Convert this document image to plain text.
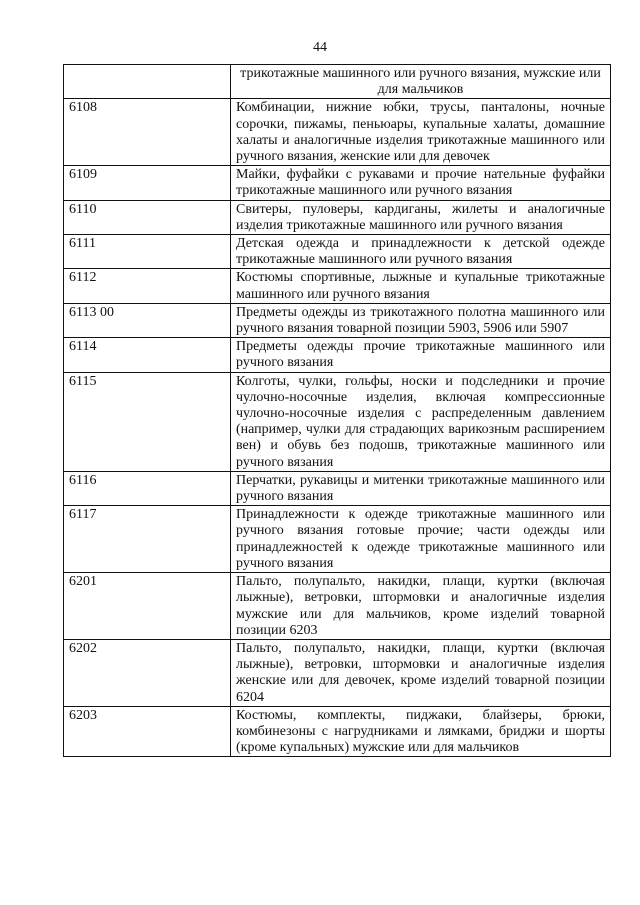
44
	трикотажные машинного или ручного вязания, мужские или для мальчиков
6108	Комбинации, нижние юбки, трусы, панталоны, ночные сорочки, пижамы, пеньюары, купальные халаты, домашние халаты и аналогичные изделия трикотажные машинного или ручного вязания, женские или для девочек
6109	Майки, фуфайки с рукавами и прочие нательные фуфайки трикотажные машинного или ручного вязания
6110	Свитеры, пуловеры, кардиганы, жилеты и аналогичные изделия трикотажные машинного или ручного вязания
6111	Детская одежда и принадлежности к детской одежде трикотажные машинного или ручного вязания
6112	Костюмы спортивные, лыжные и купальные трикотажные машинного или ручного вязания
6113 00	Предметы одежды из трикотажного полотна машинного или ручного вязания товарной позиции 5903, 5906 или 5907
6114	Предметы одежды прочие трикотажные машинного или ручного вязания
6115	Колготы, чулки, гольфы, носки и подследники и прочие чулочно-носочные изделия, включая компрессионные чулочно-носочные изделия с распределенным давлением (например, чулки для страдающих варикозным расширением вен) и обувь без подошв, трикотажные машинного или ручного вязания
6116	Перчатки, рукавицы и митенки трикотажные машинного или ручного вязания
6117	Принадлежности к одежде трикотажные машинного или ручного вязания готовые прочие; части одежды или принадлежностей к одежде трикотажные машинного или ручного вязания
6201	Пальто, полупальто, накидки, плащи, куртки (включая лыжные), ветровки, штормовки и аналогичные изделия мужские или для мальчиков, кроме изделий товарной позиции 6203
6202	Пальто, полупальто, накидки, плащи, куртки (включая лыжные), ветровки, штормовки и аналогичные изделия женские или для девочек, кроме изделий товарной позиции 6204
6203	Костюмы, комплекты, пиджаки, блайзеры, брюки, комбинезоны с нагрудниками и лямками, бриджи и шорты (кроме купальных) мужские или для мальчиков
